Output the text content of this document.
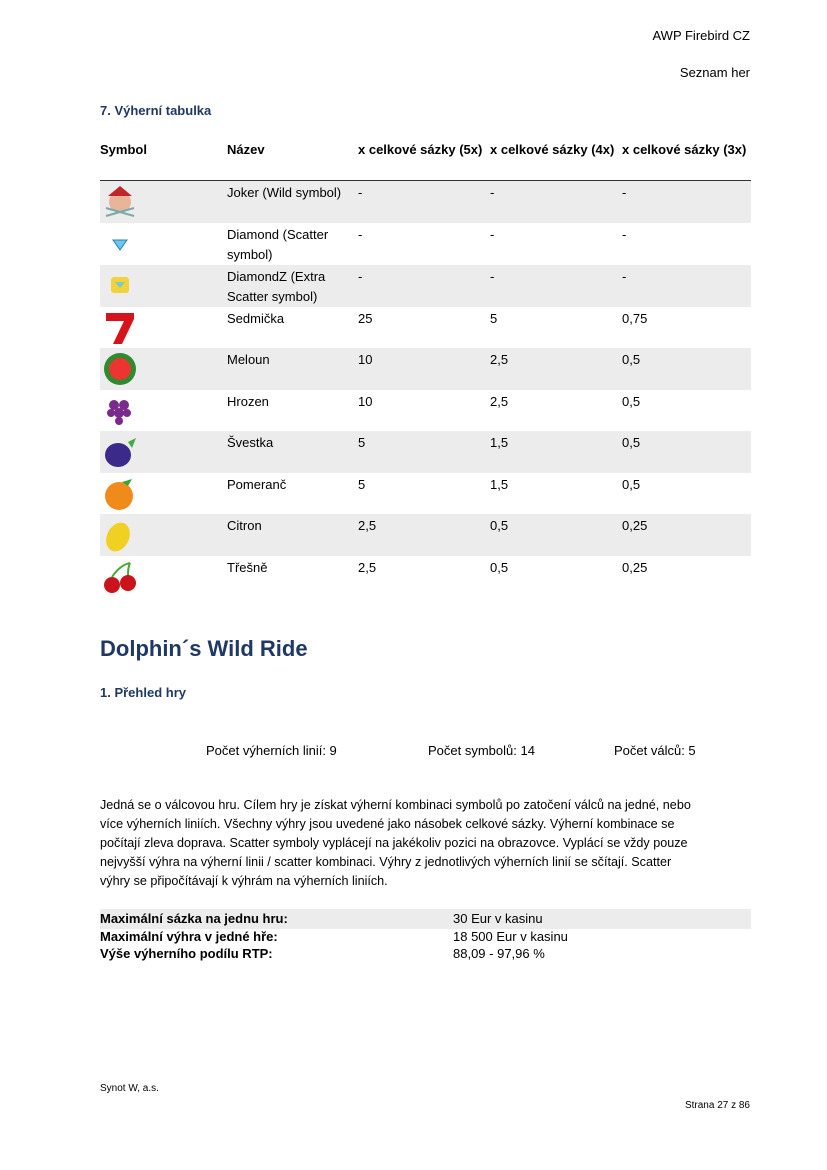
AWP Firebird CZ
Seznam her
7. Výherní tabulka
Symbol	Název	x celkové sázky (5x)	x celkové sázky (4x)	x celkové sázky (3x)

	Joker (Wild symbol)	-	-	-

	Diamond (Scatter symbol)	-	-	-

	DiamondZ (Extra Scatter symbol)	-	-	-

	Sedmička	25	5	0,75

	Meloun	10	2,5	0,5

	Hrozen	10	2,5	0,5

	Švestka	5	1,5	0,5

	Pomeranč	5	1,5	0,5

	Citron	2,5	0,5	0,25

	Třešně	2,5	0,5	0,25
Dolphin´s Wild Ride
1. Přehled hry
Počet výherních linií: 9	Počet symbolů: 14	Počet válců: 5
Jedná se o válcovou hru. Cílem hry je získat výherní kombinaci symbolů po zatočení válců na jedné, nebo
více výherních liniích. Všechny výhry jsou uvedené jako násobek celkové sázky. Výherní kombinace se
počítají zleva doprava. Scatter symboly vyplácejí na jakékoliv pozici na obrazovce. Vyplácí se vždy pouze
nejvyšší výhra na výherní linii / scatter kombinaci. Výhry z jednotlivých výherních linií se sčítají. Scatter
výhry se připočítávají k výhrám na výherních liniích.
Maximální sázka na jednu hru:	30 Eur v kasinu
Maximální výhra v jedné hře:	18 500 Eur v kasinu
Výše výherního podílu RTP:	88,09 - 97,96 %
Synot W, a.s.
Strana 27 z 86
